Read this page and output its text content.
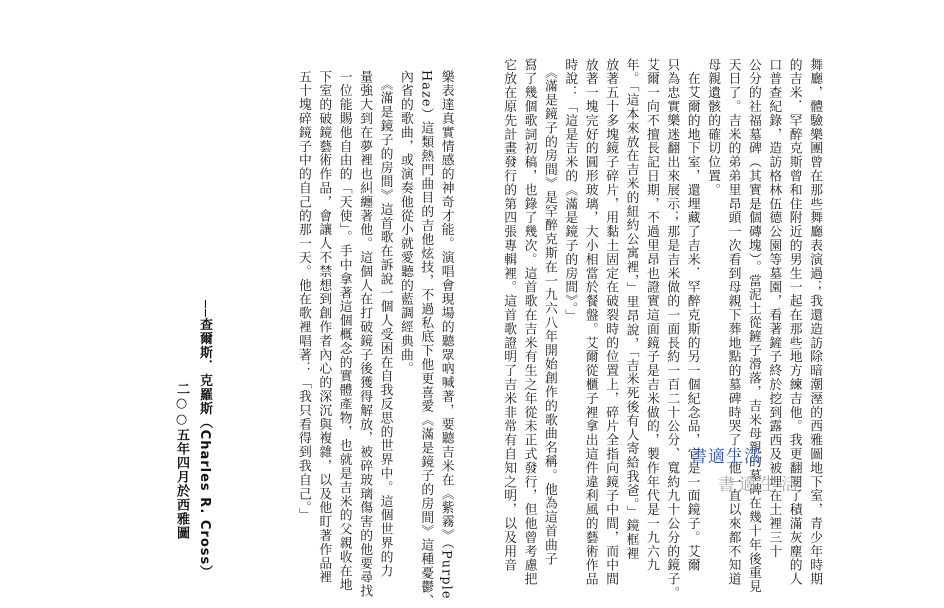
舞廳，體驗樂團曾在那些舞廳表演過；我還造訪除暗潮溼的西雅圖地下室，青少年時期
的吉米．罕醉克斯曾和住附近的男生一起在那些地方練吉他。我更翻閱了積滿灰塵的人
口普查紀錄，造訪格林伍德公園等墓園，看著鏟子終於挖到露西及被埋在土裡三十
公分的社福墓碑（其實是個磚塊）。當泥土從鏟子滑落，吉米母親的墓碑在幾十年後重見
天日了。吉米的弟弟里昂頭一次看到母親下葬地點的墓碑時哭了；他一直以來都不知道
母親遺骸的確切位置。
　在艾爾的地下室，還埋藏了吉米．罕醉克斯的另一個紀念品，它是一面鏡子。艾爾
只為忠實樂迷翻出來展示；那是吉米做的一面長約一百二十公分、寬約九十公分的鏡子。
艾爾一向不擅長記日期，不過里昂也證實這面鏡子是吉米做的，製作年代是一九六九
年。「這本來放在吉米的紐約公寓裡，」里昂說，「吉米死後有人寄給我爸。」鏡框裡
放著五十多塊鏡子碎片，用黏土固定在破裂時的位置上，碎片全指向鏡子中間，而中間
放著一塊完好的圓形玻璃，大小相當於餐盤。艾爾從櫃子裡拿出這件違利風的藝術作品
時說：「這是吉米的《滿是鏡子的房間》。」
　《滿是鏡子的房間》是罕醉克斯在一九六八年開始創作的歌曲名稱。他為這首曲子
寫了幾個歌詞初稿，也錄了幾次。這首歌在吉米有生之年從未正式發行，但他曾考慮把
它放在原先計畫發行的第四張專輯裡。這首歌證明了吉米非常有自知之明，以及用音
樂表達真實情感的神奇才能。演唱會現場的聽眾吶喊著，要聽吉米在《紫霧》（Purple
Haze）這類熱門曲目的吉他炫技，不過私底下他更喜愛《滿是鏡子的房間》這種憂鬱、
內省的歌曲，或演奏他從小就愛聽的藍調經典曲。
　《滿是鏡子的房間》這首歌在訴說一個人受困在自我反思的世界中。這個世界的力
量強大到在夢裡也糾纏著他。這個人在打破鏡子後獲得解放，被碎玻璃傷害的他要尋找
一位能賜他自由的「天使」。手中拿著這個概念的實體產物，也就是吉米的父親收在地
下室的破鏡藝術作品，會讓人不禁想到創作者內心的深沉與複雜，以及他盯著作品裡
五十塊碎鏡子中的自己的那一天。他在歌裡唱著：「我只看得到我自己。」
──查爾斯．克羅斯（Charles R. Cross）
二○○五年四月於西雅圖	書適生活
書適生活
